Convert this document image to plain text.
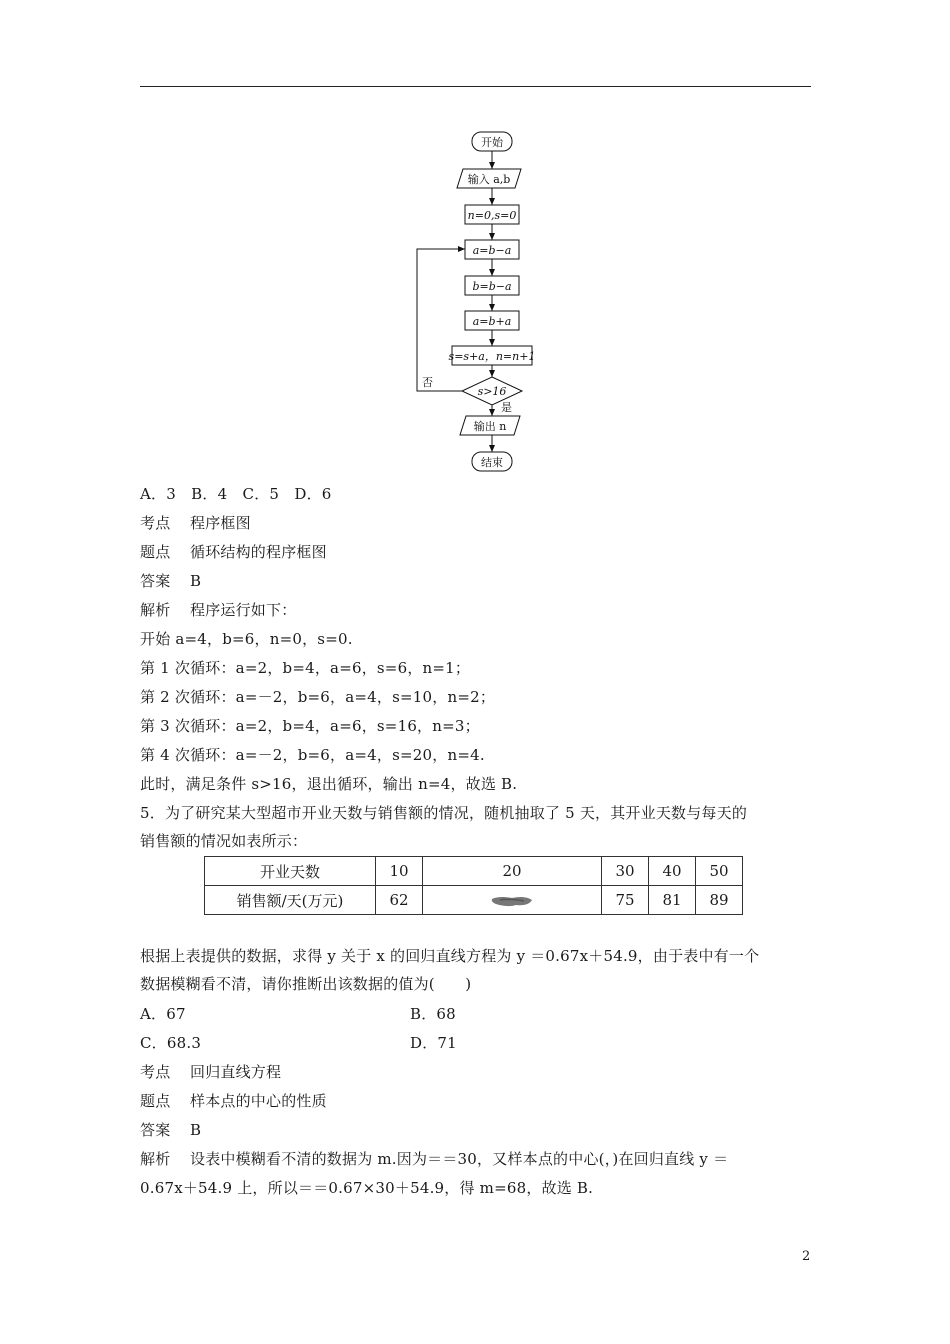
开始
输入 a,b
n=0,s=0
a=b−a
b=b−a
a=b+a
s=s+a，n=n+1
s>16
否
是
输出 n
结束
A．3　B．4　C．5　D．6
考点 程序框图
题点 循环结构的程序框图
答案 B
解析 程序运行如下：
开始 a=4，b=6，n=0，s=0.
第 1 次循环：a=2，b=4，a=6，s=6，n=1；
第 2 次循环：a=－2，b=6，a=4，s=10，n=2；
第 3 次循环：a=2，b=4，a=6，s=16，n=3；
第 4 次循环：a=－2，b=6，a=4，s=20，n=4.
此时，满足条件 s>16，退出循环，输出 n=4，故选 B.
5．为了研究某大型超市开业天数与销售额的情况，随机抽取了 5 天，其开业天数与每天的
销售额的情况如表所示：
开业天数	10	20	30	40	50
销售额/天(万元)	62		75	81	89
根据上表提供的数据，求得 y 关于 x 的回归直线方程为 y ＝0.67x＋54.9，由于表中有一个
数据模糊看不清，请你推断出该数据的值为(　　)
A．67	B．68
C．68.3	D．71
考点 回归直线方程
题点 样本点的中心的性质
答案 B
解析 设表中模糊看不清的数据为 m.因为＝＝30，又样本点的中心(，)在回归直线 y ＝
0.67x＋54.9 上，所以＝＝0.67×30＋54.9，得 m=68，故选 B.
2
